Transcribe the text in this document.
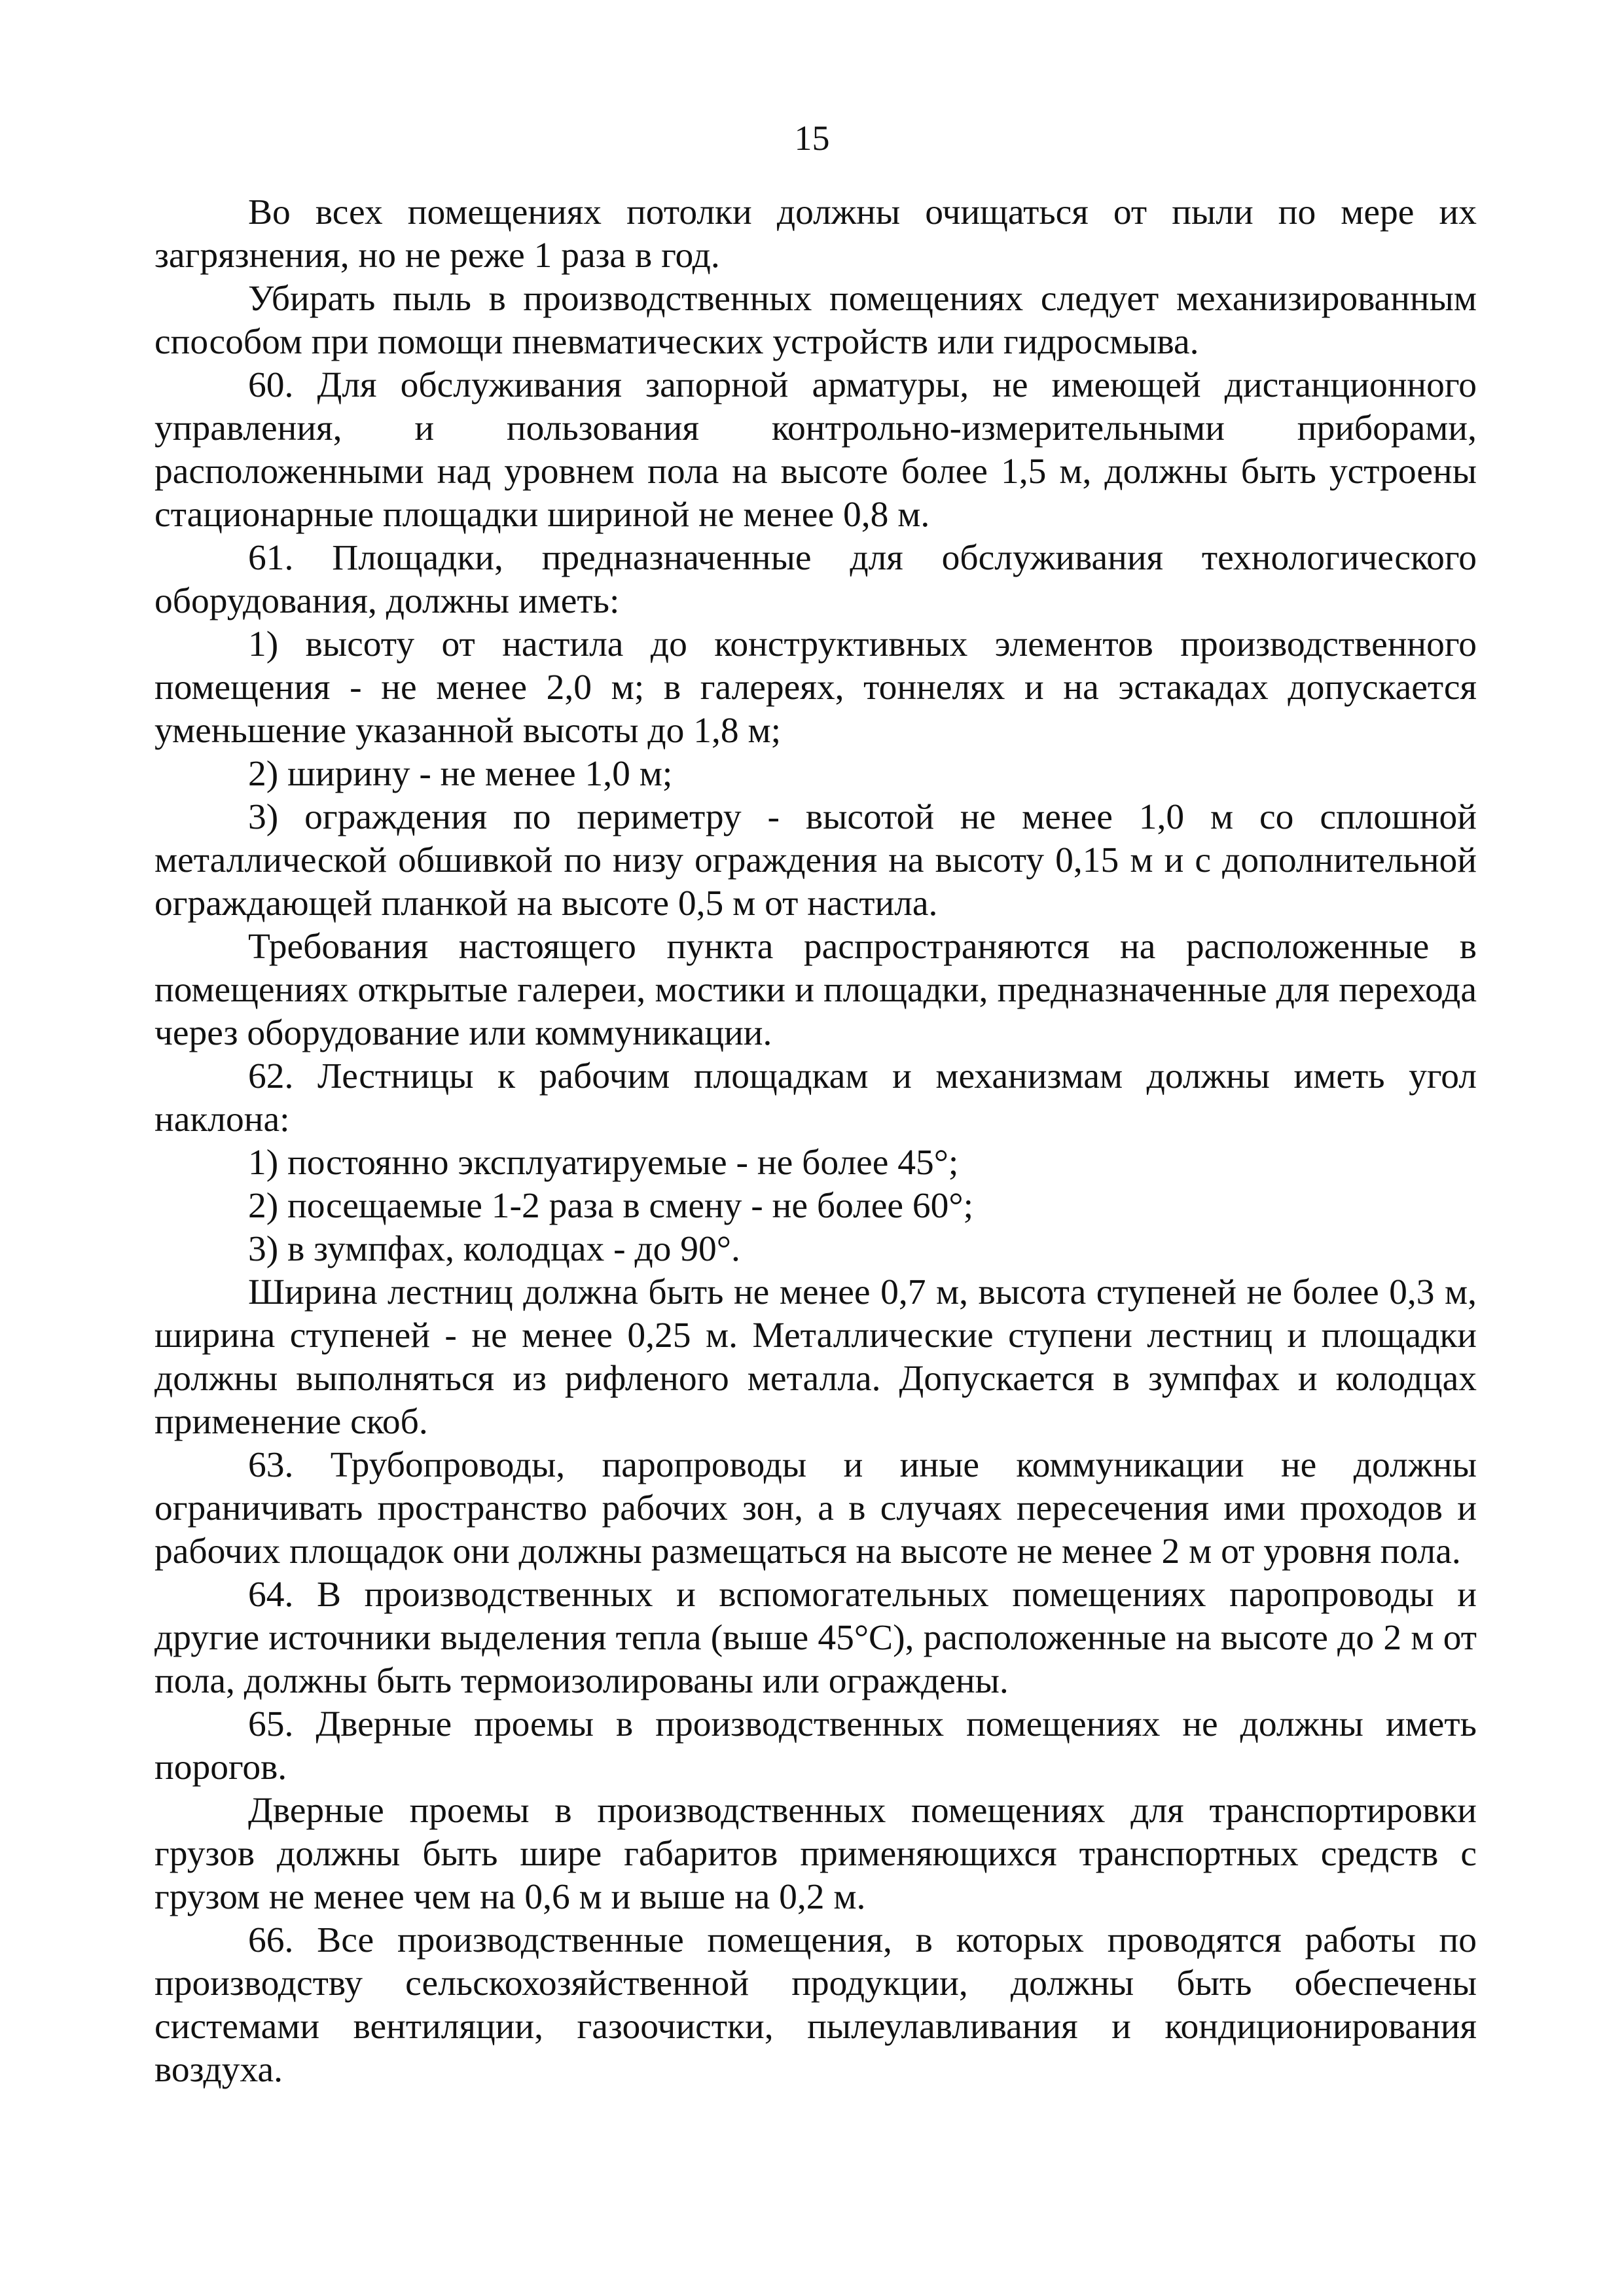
15

Во всех помещениях потолки должны очищаться от пыли по мере их загрязнения, но не реже 1 раза в год.

Убирать пыль в производственных помещениях следует механизированным способом при помощи пневматических устройств или гидросмыва.

60. Для обслуживания запорной арматуры, не имеющей дистанционного управления, и пользования контрольно-измерительными приборами, расположенными над уровнем пола на высоте более 1,5 м, должны быть устроены стационарные площадки шириной не менее 0,8 м.

61. Площадки, предназначенные для обслуживания технологического оборудования, должны иметь:

1) высоту от настила до конструктивных элементов производственного помещения - не менее 2,0 м; в галереях, тоннелях и на эстакадах допускается уменьшение указанной высоты до 1,8 м;

2) ширину - не менее 1,0 м;

3) ограждения по периметру - высотой не менее 1,0 м со сплошной металлической обшивкой по низу ограждения на высоту 0,15 м и с дополнительной ограждающей планкой на высоте 0,5 м от настила.

Требования настоящего пункта распространяются на расположенные в помещениях открытые галереи, мостики и площадки, предназначенные для перехода через оборудование или коммуникации.

62. Лестницы к рабочим площадкам и механизмам должны иметь угол наклона:

1) постоянно эксплуатируемые - не более 45°;

2) посещаемые 1-2 раза в смену - не более 60°;

3) в зумпфах, колодцах - до 90°.

Ширина лестниц должна быть не менее 0,7 м, высота ступеней не более 0,3 м, ширина ступеней - не менее 0,25 м. Металлические ступени лестниц и площадки должны выполняться из рифленого металла. Допускается в зумпфах и колодцах применение скоб.

63. Трубопроводы, паропроводы и иные коммуникации не должны ограничивать пространство рабочих зон, а в случаях пересечения ими проходов и рабочих площадок они должны размещаться на высоте не менее 2 м от уровня пола.

64. В производственных и вспомогательных помещениях паропроводы и другие источники выделения тепла (выше 45°С), расположенные на высоте до 2 м от пола, должны быть термоизолированы или ограждены.

65. Дверные проемы в производственных помещениях не должны иметь порогов.

Дверные проемы в производственных помещениях для транспортировки грузов должны быть шире габаритов применяющихся транспортных средств с грузом не менее чем на 0,6 м и выше на 0,2 м.

66. Все производственные помещения, в которых проводятся работы по производству сельскохозяйственной продукции, должны быть обеспечены системами вентиляции, газоочистки, пылеулавливания и кондиционирования воздуха.
